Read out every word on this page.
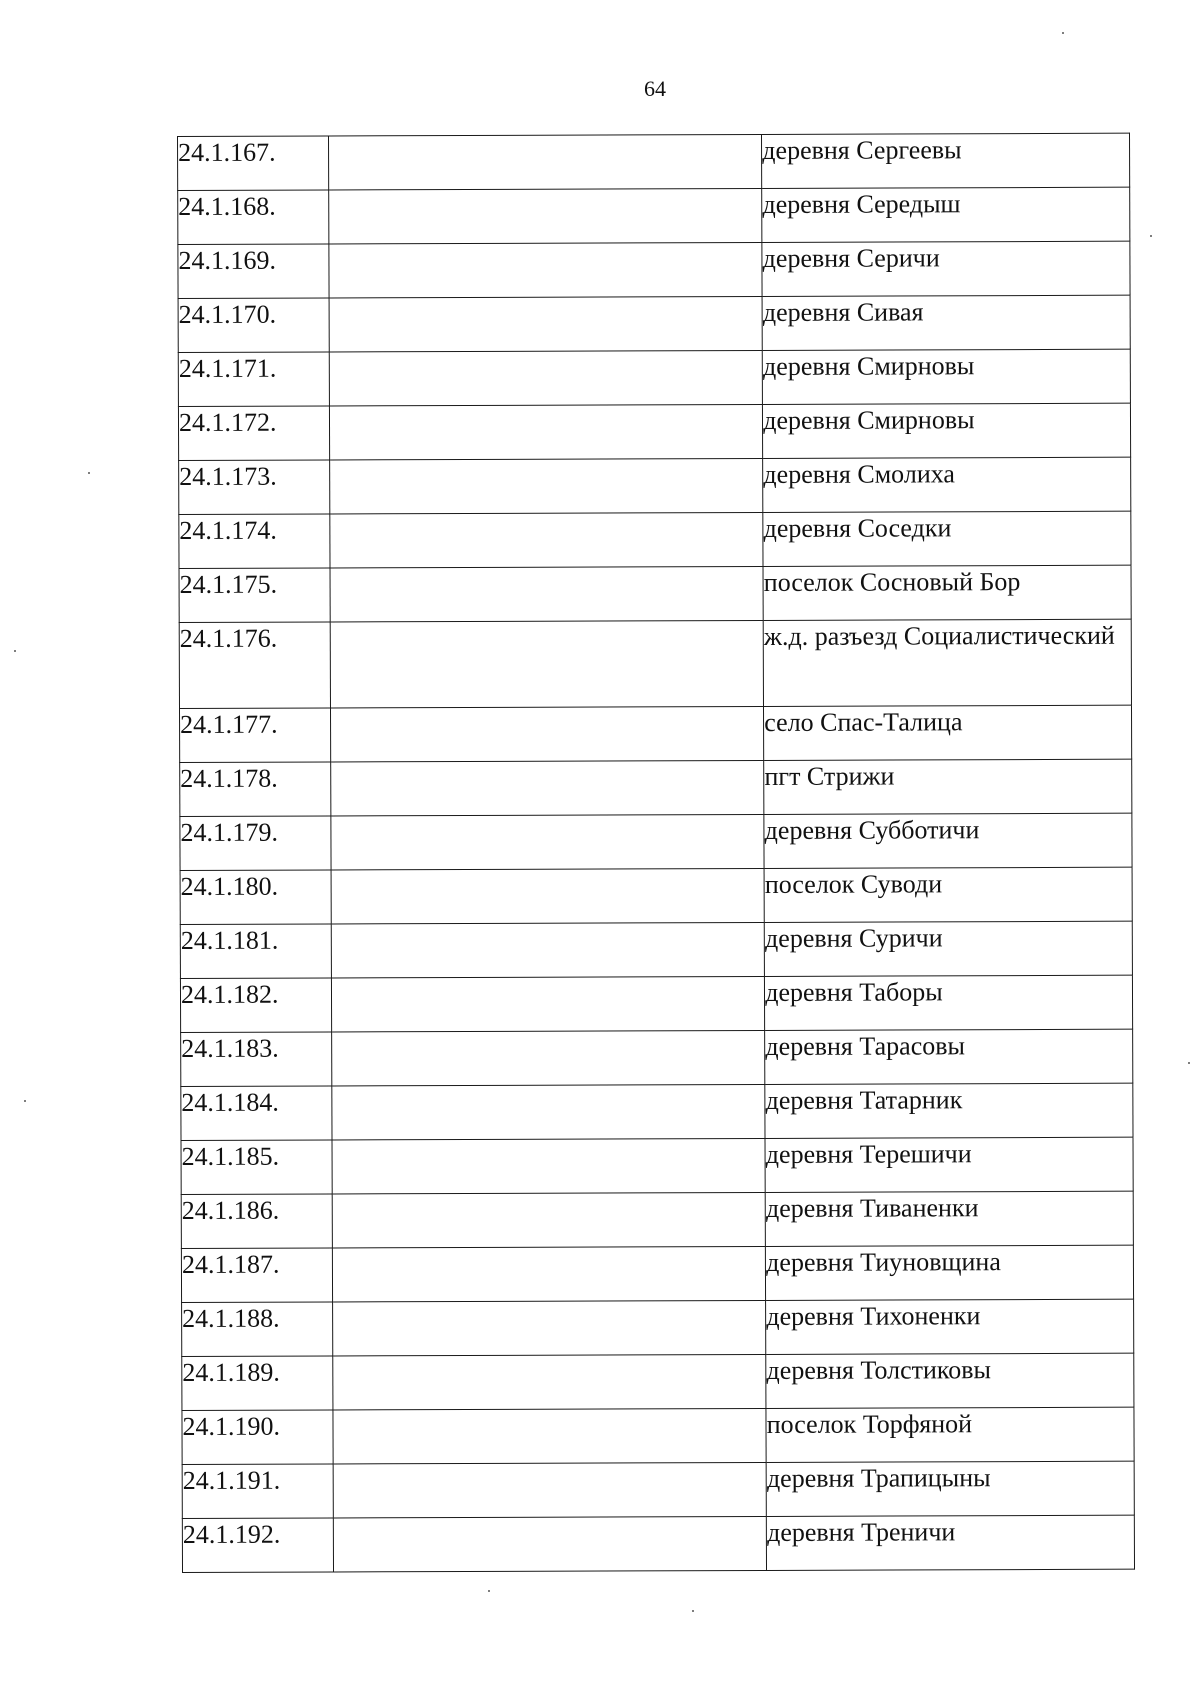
64
24.1.167.		деревня Сергеевы
24.1.168.		деревня Середыш
24.1.169.		деревня Серичи
24.1.170.		деревня Сивая
24.1.171.		деревня Смирновы
24.1.172.		деревня Смирновы
24.1.173.		деревня Смолиха
24.1.174.		деревня Соседки
24.1.175.		поселок Сосновый Бор
24.1.176.		ж.д. разъезд Социалистический
24.1.177.		село Спас-Талица
24.1.178.		пгт Стрижи
24.1.179.		деревня Субботичи
24.1.180.		поселок Суводи
24.1.181.		деревня Суричи
24.1.182.		деревня Таборы
24.1.183.		деревня Тарасовы
24.1.184.		деревня Татарник
24.1.185.		деревня Терешичи
24.1.186.		деревня Тиваненки
24.1.187.		деревня Тиуновщина
24.1.188.		деревня Тихоненки
24.1.189.		деревня Толстиковы
24.1.190.		поселок Торфяной
24.1.191.		деревня Трапицыны
24.1.192.		деревня Треничи
